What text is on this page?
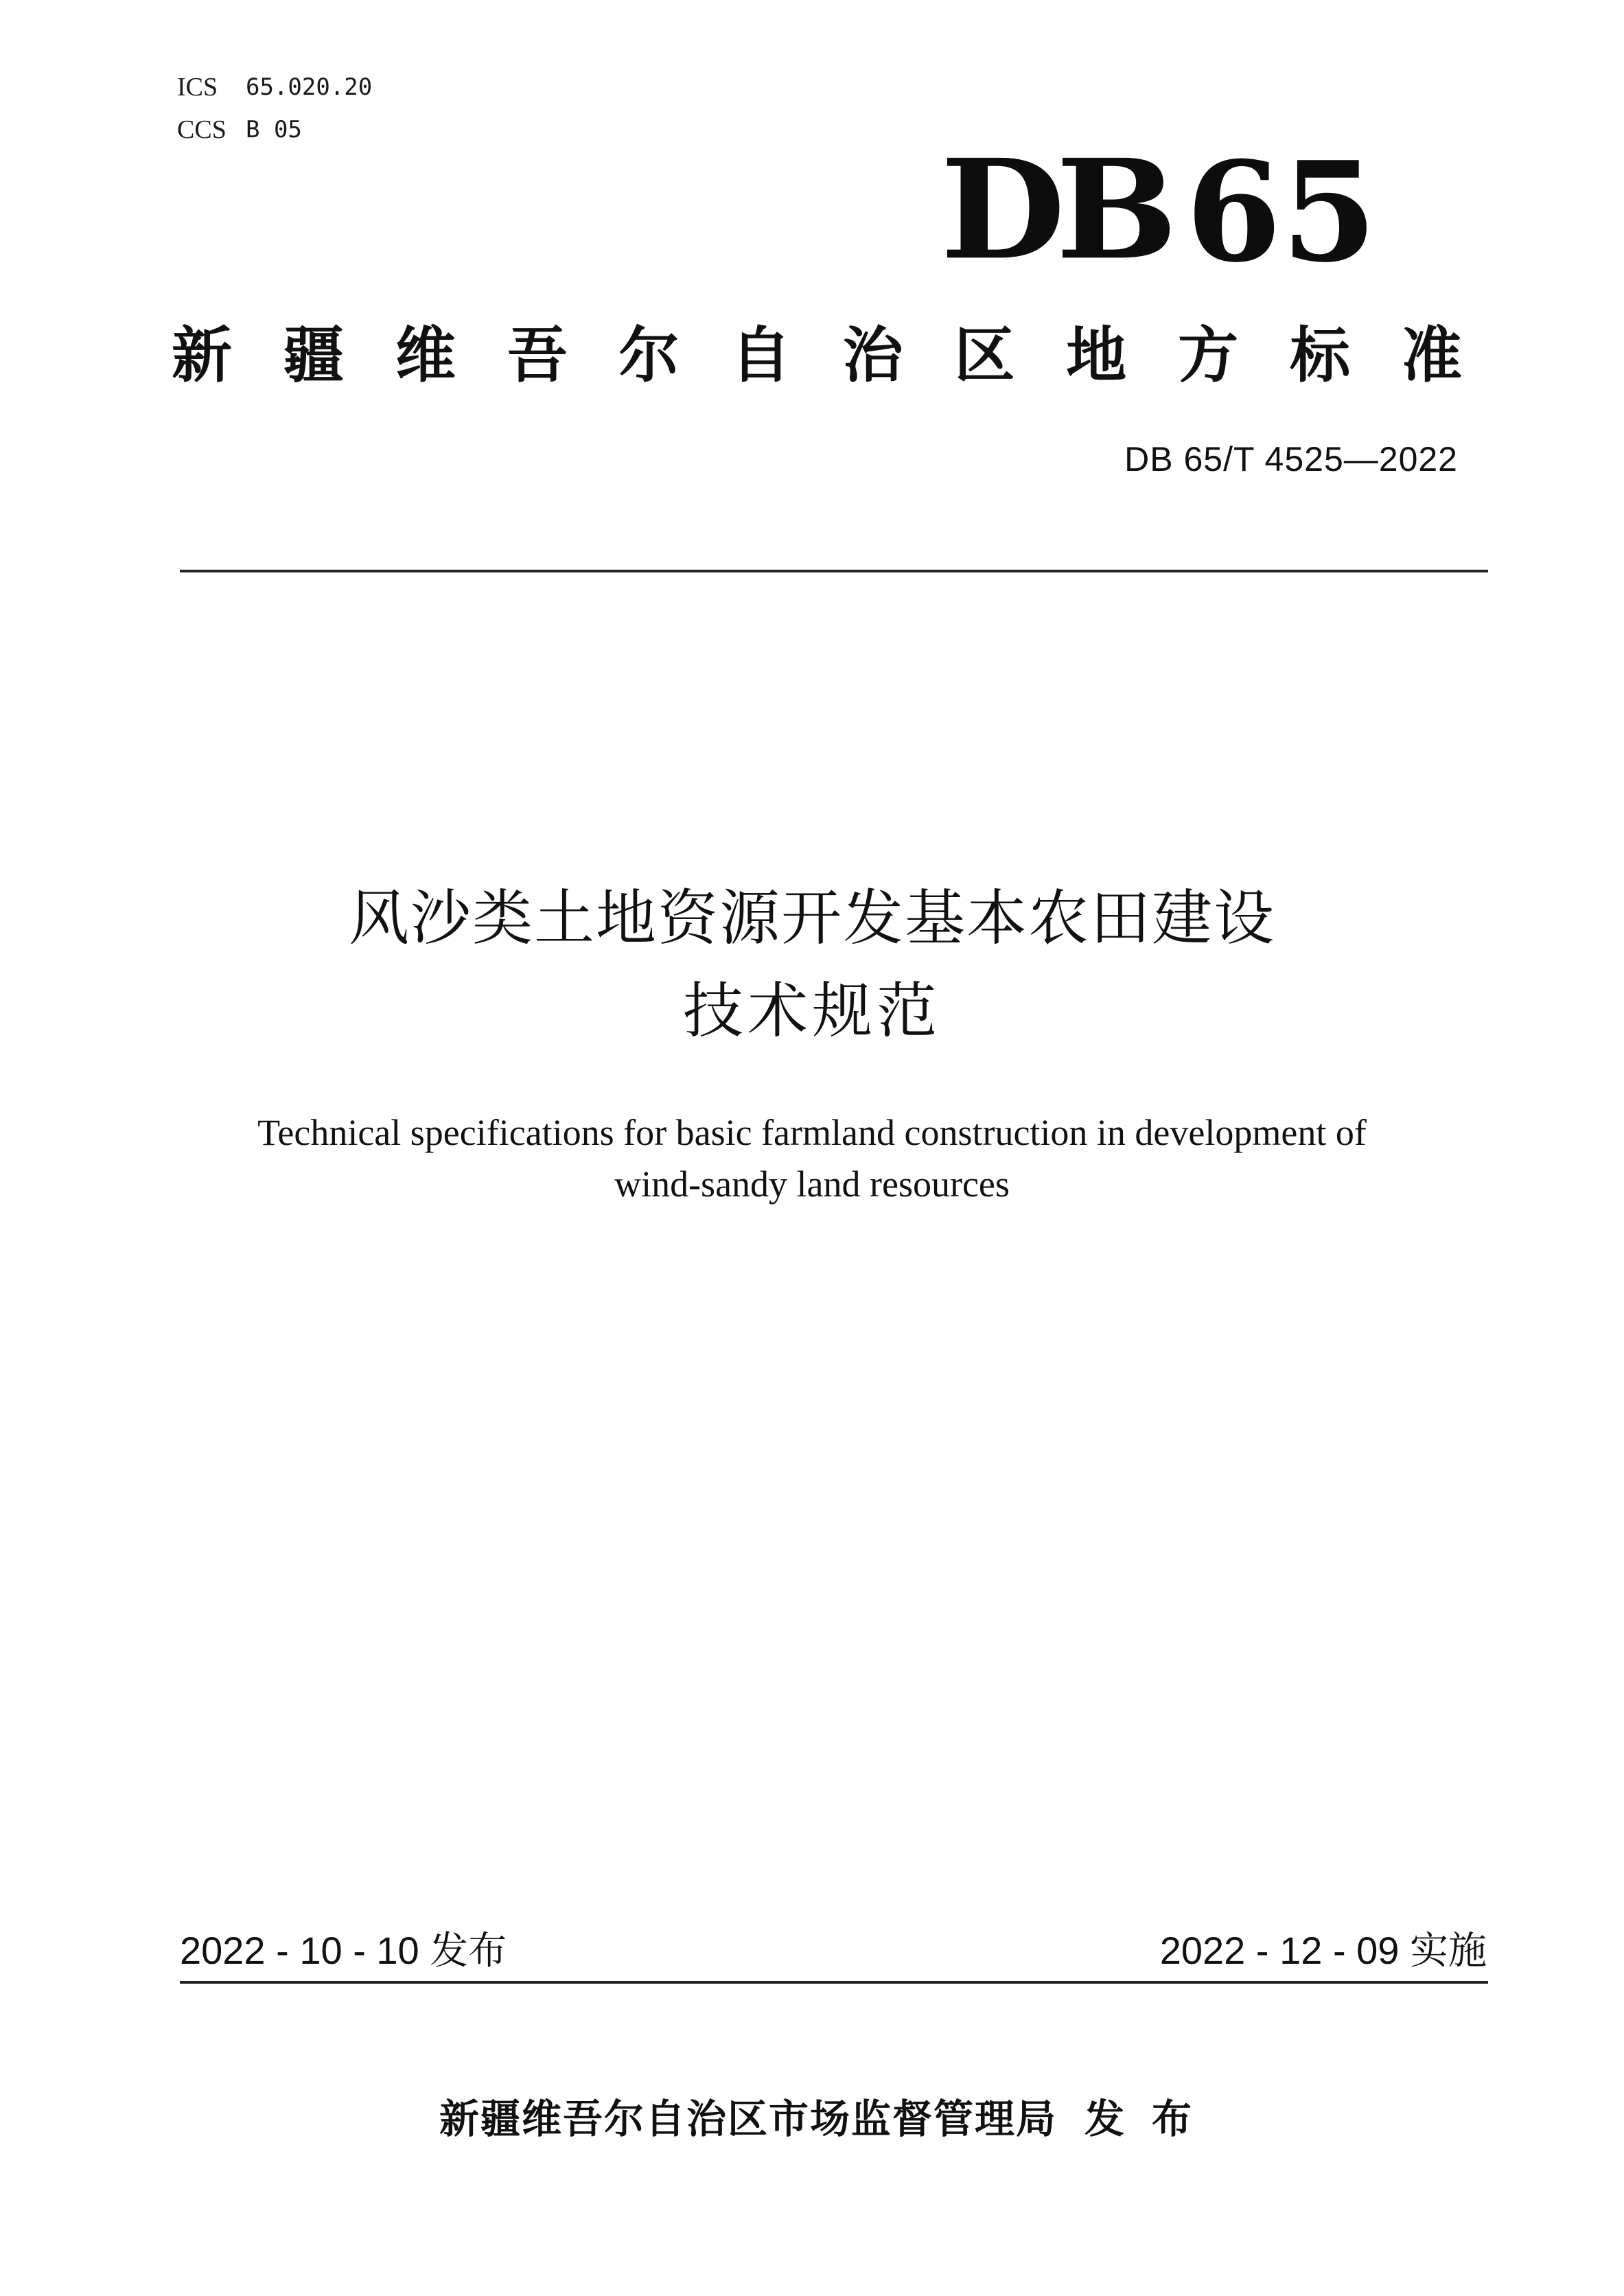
ICS 65.020.20
CCS B 05	DB 65
新 疆 维 吾 尔 自 治 区 地 方 标 准
DB 65/T 4525—2022
风沙类土地资源开发基本农田建设
技术规范
Technical specifications for basic farmland construction in development of
wind-sandy land resources
2022 - 10 - 10 发布	2022 - 12 - 09 实施
新疆维吾尔自治区市场监督管理局 发布
